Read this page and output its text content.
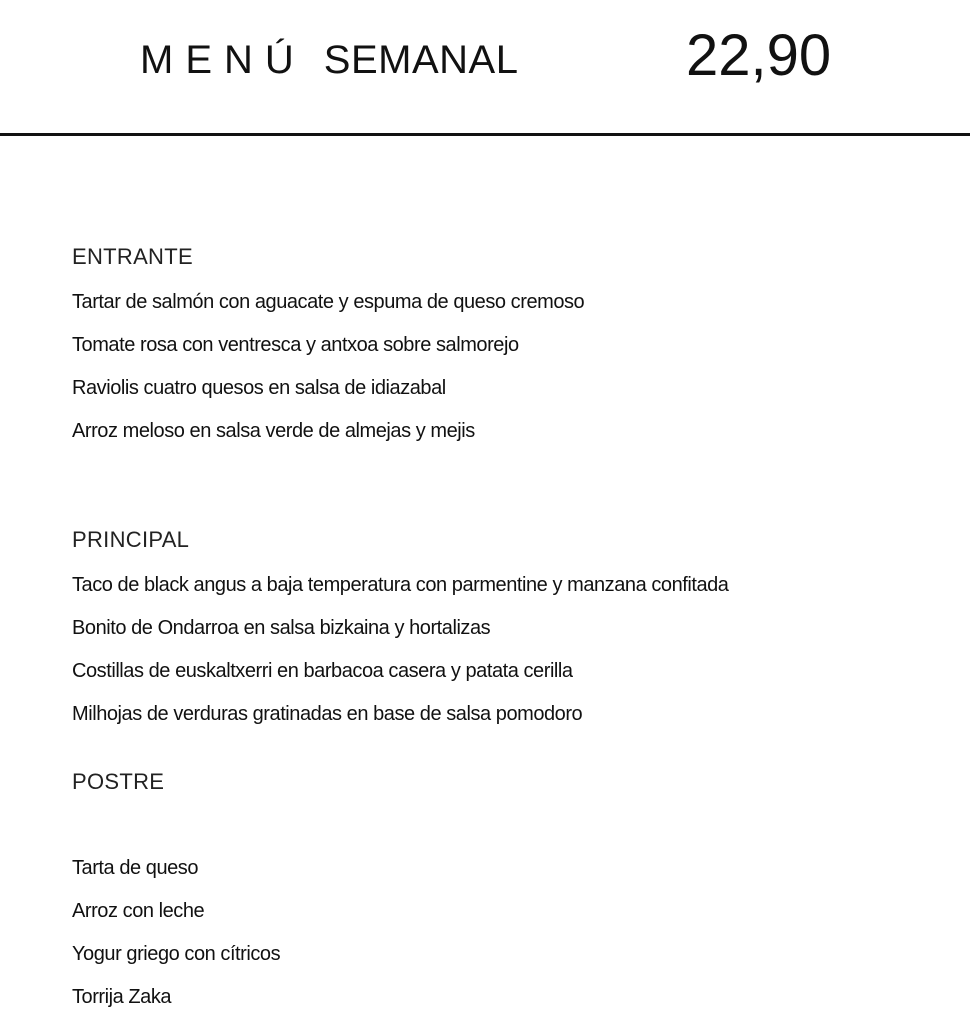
MENÚ SEMANAL	22,90
ENTRANTE
Tartar de salmón con aguacate y espuma de queso cremoso
Tomate rosa con ventresca y antxoa sobre salmorejo
Raviolis cuatro quesos en salsa de idiazabal
Arroz meloso en salsa verde de almejas y mejis
PRINCIPAL
Taco de black angus a baja temperatura con parmentine y manzana confitada
Bonito de Ondarroa en salsa bizkaina y hortalizas
Costillas de euskaltxerri en barbacoa casera y patata cerilla
Milhojas de verduras gratinadas en base de salsa pomodoro
POSTRE
Tarta de queso
Arroz con leche
Yogur griego con cítricos
Torrija Zaka
